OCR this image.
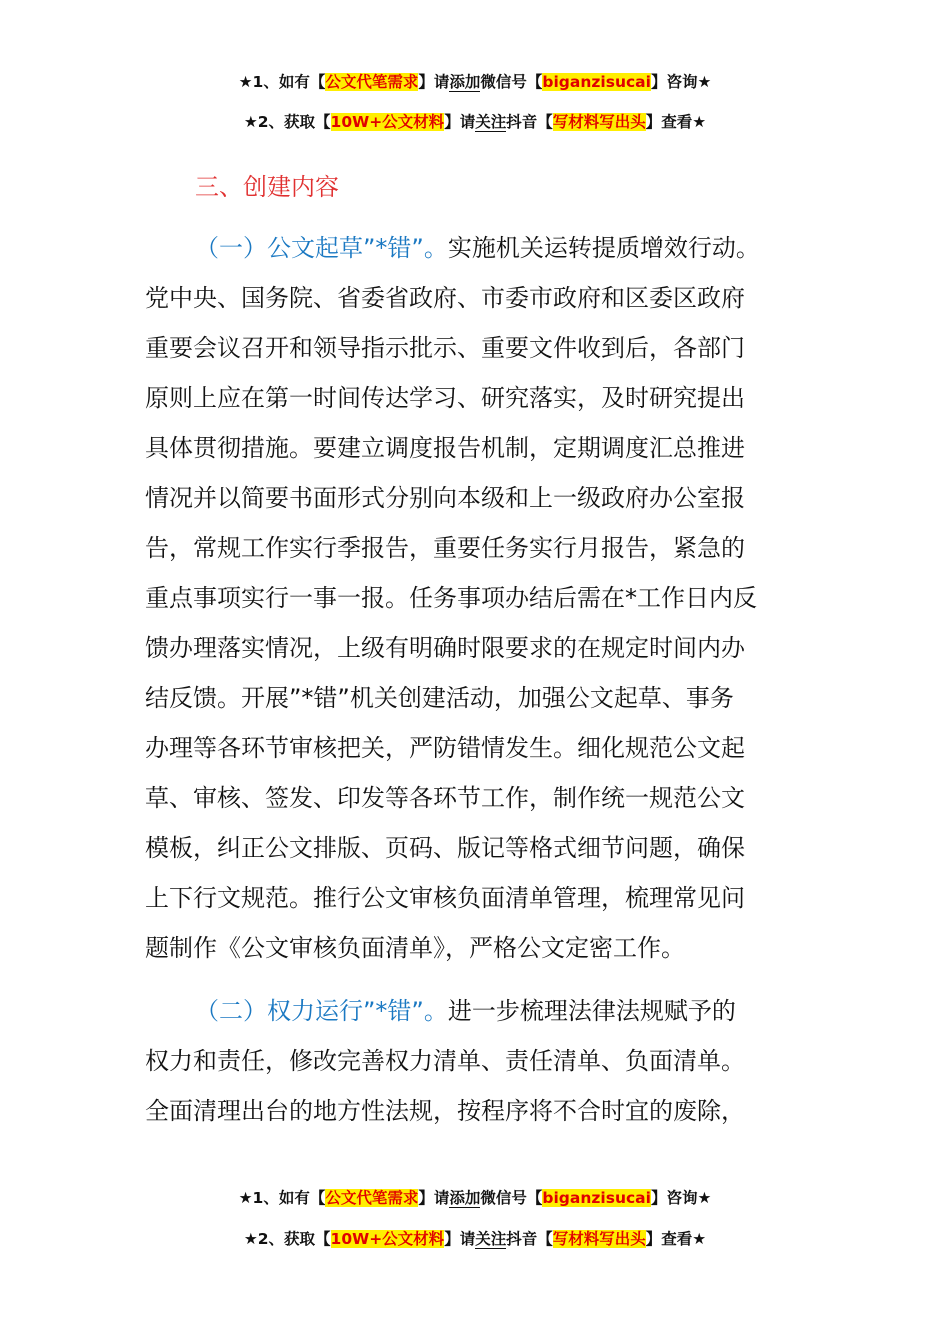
★1、如有【公文代笔需求】请添加微信号【biganzisucai】咨询★
★2、获取【10W+公文材料】请关注抖音【写材料写出头】查看★
三、创建内容
（一）公文起草”*错”。实施机关运转提质增效行动。
党中央、国务院、省委省政府、市委市政府和区委区政府
重要会议召开和领导指示批示、重要文件收到后，各部门
原则上应在第一时间传达学习、研究落实，及时研究提出
具体贯彻措施。要建立调度报告机制，定期调度汇总推进
情况并以简要书面形式分别向本级和上一级政府办公室报
告，常规工作实行季报告，重要任务实行月报告，紧急的
重点事项实行一事一报。任务事项办结后需在*工作日内反
馈办理落实情况，上级有明确时限要求的在规定时间内办
结反馈。开展”*错”机关创建活动，加强公文起草、事务
办理等各环节审核把关，严防错情发生。细化规范公文起
草、审核、签发、印发等各环节工作，制作统一规范公文
模板，纠正公文排版、页码、版记等格式细节问题，确保
上下行文规范。推行公文审核负面清单管理，梳理常见问
题制作《公文审核负面清单》，严格公文定密工作。
（二）权力运行”*错”。进一步梳理法律法规赋予的
权力和责任，修改完善权力清单、责任清单、负面清单。
全面清理出台的地方性法规，按程序将不合时宜的废除，
★1、如有【公文代笔需求】请添加微信号【biganzisucai】咨询★
★2、获取【10W+公文材料】请关注抖音【写材料写出头】查看★
